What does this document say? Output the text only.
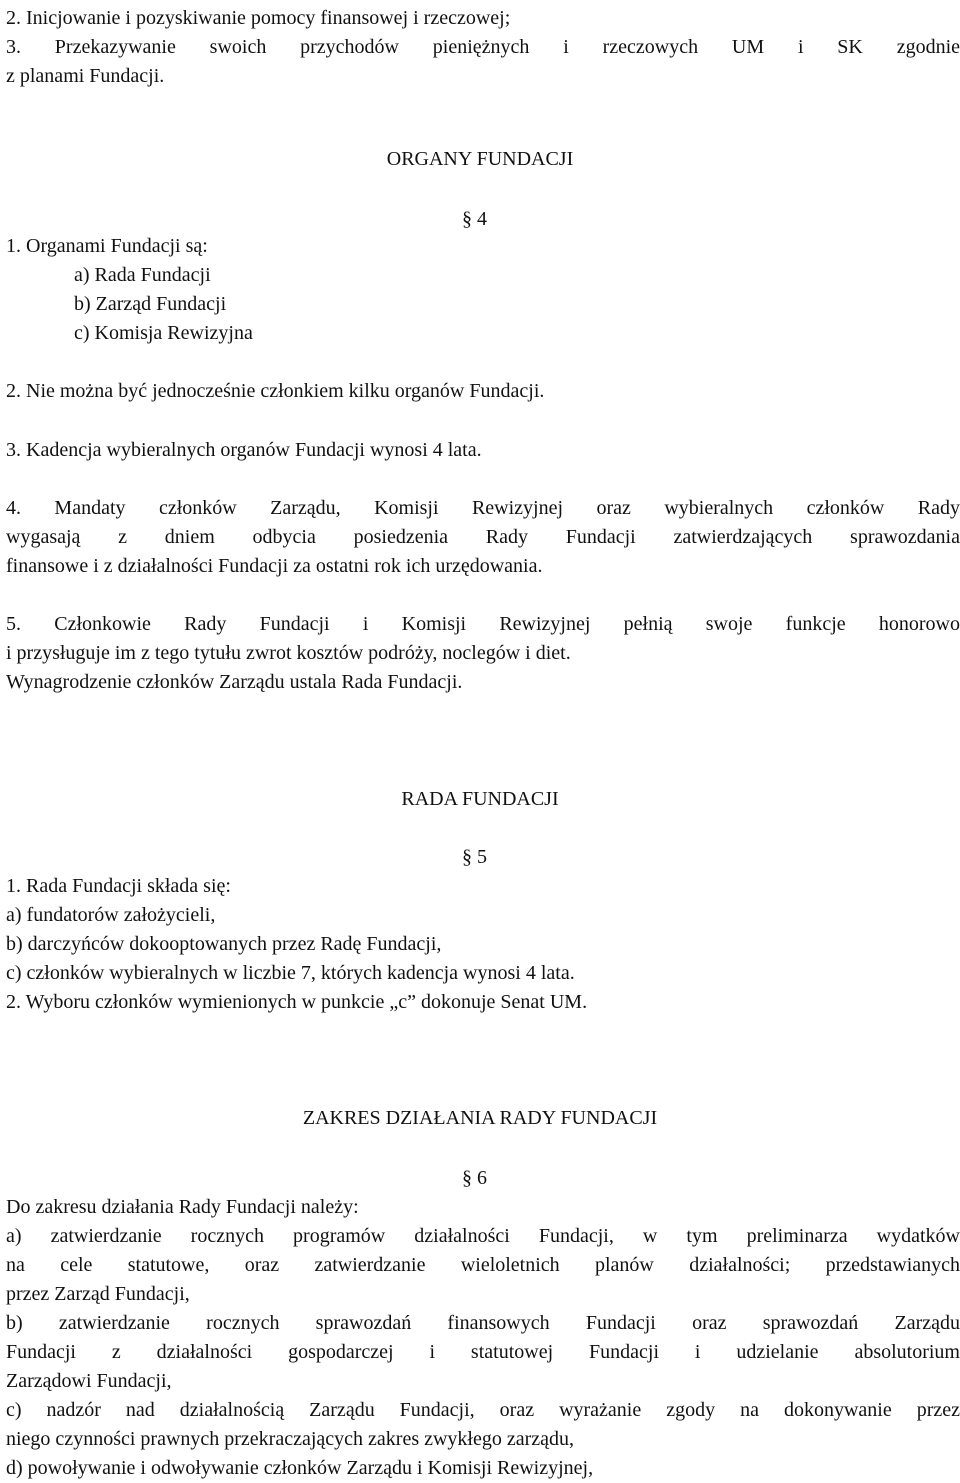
2. Inicjowanie i pozyskiwanie pomocy finansowej i rzeczowej;
3. Przekazywanie swoich przychodów pieniężnych i rzeczowych UM i SK zgodnie
z planami Fundacji.
ORGANY FUNDACJI
§ 4
1. Organami Fundacji są:
a) Rada Fundacji
b) Zarząd Fundacji
c) Komisja Rewizyjna
2. Nie można być jednocześnie członkiem kilku organów Fundacji.
3. Kadencja wybieralnych organów Fundacji wynosi 4 lata.
4. Mandaty członków Zarządu, Komisji Rewizyjnej oraz wybieralnych członków Rady
wygasają z dniem odbycia posiedzenia Rady Fundacji zatwierdzających sprawozdania
finansowe i z działalności Fundacji za ostatni rok ich urzędowania.
5. Członkowie Rady Fundacji i Komisji Rewizyjnej pełnią swoje funkcje honorowo
i przysługuje im z tego tytułu zwrot kosztów podróży, noclegów i diet.
Wynagrodzenie członków Zarządu ustala Rada Fundacji.
RADA FUNDACJI
§ 5
1. Rada Fundacji składa się:
a) fundatorów założycieli,
b) darczyńców dokooptowanych przez Radę Fundacji,
c) członków wybieralnych w liczbie 7, których kadencja wynosi 4 lata.
2. Wyboru członków wymienionych w punkcie „c” dokonuje Senat UM.
ZAKRES DZIAŁANIA RADY FUNDACJI
§ 6
Do zakresu działania Rady Fundacji należy:
a) zatwierdzanie rocznych programów działalności Fundacji, w tym preliminarza wydatków
na cele statutowe, oraz zatwierdzanie wieloletnich planów działalności; przedstawianych
przez Zarząd Fundacji,
b) zatwierdzanie rocznych sprawozdań finansowych Fundacji oraz sprawozdań Zarządu
Fundacji z działalności gospodarczej i statutowej Fundacji i udzielanie absolutorium
Zarządowi Fundacji,
c) nadzór nad działalnością Zarządu Fundacji, oraz wyrażanie zgody na dokonywanie przez
niego czynności prawnych przekraczających zakres zwykłego zarządu,
d) powoływanie i odwoływanie członków Zarządu i Komisji Rewizyjnej,
